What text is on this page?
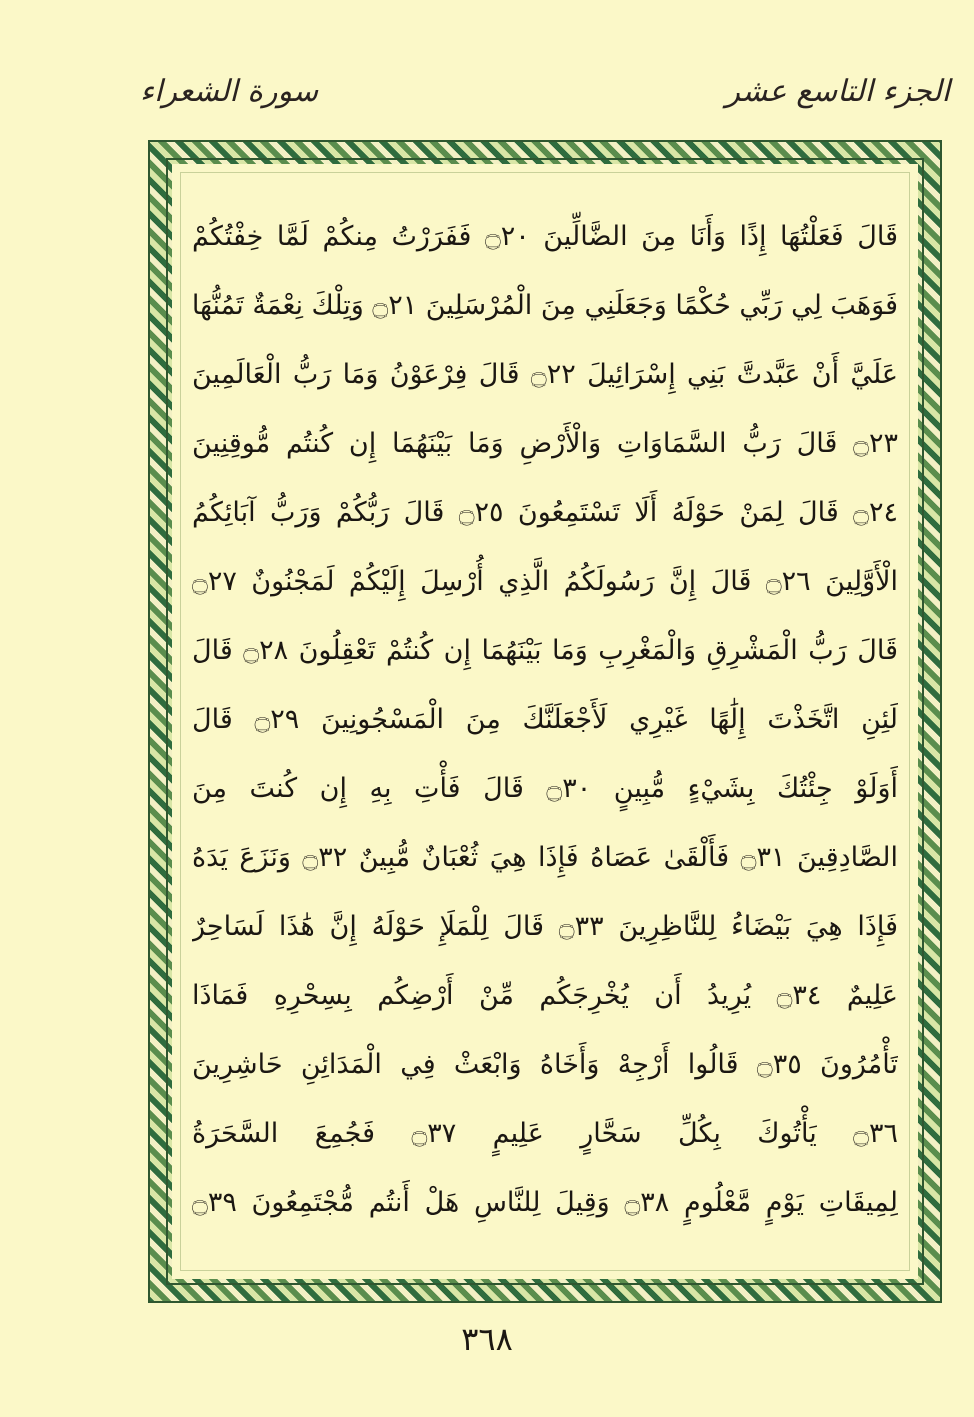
سورة الشعراء	الجزء التاسع عشر
قَالَ فَعَلْتُهَا إِذًا وَأَنَا مِنَ الضَّالِّينَ ۝٢٠ فَفَرَرْتُ مِنكُمْ لَمَّا خِفْتُكُمْ
فَوَهَبَ لِي رَبِّي حُكْمًا وَجَعَلَنِي مِنَ الْمُرْسَلِينَ ۝٢١ وَتِلْكَ نِعْمَةٌ تَمُنُّهَا
عَلَيَّ أَنْ عَبَّدتَّ بَنِي إِسْرَائِيلَ ۝٢٢ قَالَ فِرْعَوْنُ وَمَا رَبُّ الْعَالَمِينَ
۝٢٣ قَالَ رَبُّ السَّمَاوَاتِ وَالْأَرْضِ وَمَا بَيْنَهُمَا إِن كُنتُم مُّوقِنِينَ
۝٢٤ قَالَ لِمَنْ حَوْلَهُ أَلَا تَسْتَمِعُونَ ۝٢٥ قَالَ رَبُّكُمْ وَرَبُّ آبَائِكُمُ
الْأَوَّلِينَ ۝٢٦ قَالَ إِنَّ رَسُولَكُمُ الَّذِي أُرْسِلَ إِلَيْكُمْ لَمَجْنُونٌ ۝٢٧
قَالَ رَبُّ الْمَشْرِقِ وَالْمَغْرِبِ وَمَا بَيْنَهُمَا إِن كُنتُمْ تَعْقِلُونَ ۝٢٨ قَالَ
لَئِنِ اتَّخَذْتَ إِلَٰهًا غَيْرِي لَأَجْعَلَنَّكَ مِنَ الْمَسْجُونِينَ ۝٢٩ قَالَ
أَوَلَوْ جِئْتُكَ بِشَيْءٍ مُّبِينٍ ۝٣٠ قَالَ فَأْتِ بِهِ إِن كُنتَ مِنَ
الصَّادِقِينَ ۝٣١ فَأَلْقَىٰ عَصَاهُ فَإِذَا هِيَ ثُعْبَانٌ مُّبِينٌ ۝٣٢ وَنَزَعَ يَدَهُ
فَإِذَا هِيَ بَيْضَاءُ لِلنَّاظِرِينَ ۝٣٣ قَالَ لِلْمَلَإِ حَوْلَهُ إِنَّ هَٰذَا لَسَاحِرٌ
عَلِيمٌ ۝٣٤ يُرِيدُ أَن يُخْرِجَكُم مِّنْ أَرْضِكُم بِسِحْرِهِ فَمَاذَا
تَأْمُرُونَ ۝٣٥ قَالُوا أَرْجِهْ وَأَخَاهُ وَابْعَثْ فِي الْمَدَائِنِ حَاشِرِينَ
۝٣٦ يَأْتُوكَ بِكُلِّ سَحَّارٍ عَلِيمٍ ۝٣٧ فَجُمِعَ السَّحَرَةُ
لِمِيقَاتِ يَوْمٍ مَّعْلُومٍ ۝٣٨ وَقِيلَ لِلنَّاسِ هَلْ أَنتُم مُّجْتَمِعُونَ ۝٣٩
٣٦٨
